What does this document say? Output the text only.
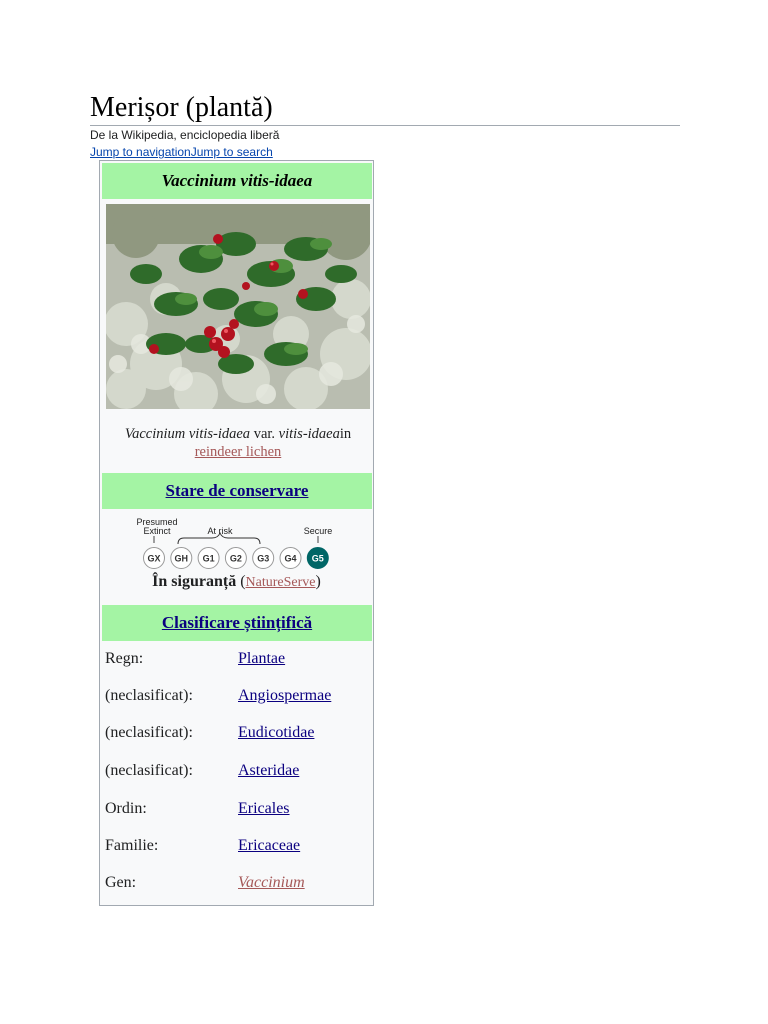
Merișor (plantă)
De la Wikipedia, enciclopedia liberă
Jump to navigationJump to search
Vaccinium vitis-idaea
Vaccinium vitis-idaea var. vitis-idaeain reindeer lichen
Stare de conservare
Presumed
Extinct	At risk	Secure
GX GH G1 G2 G3 G4 G5
În siguranță (NatureServe)
Clasificare științifică
Regn:	Plantae
(neclasificat):	Angiospermae
(neclasificat):	Eudicotidae
(neclasificat):	Asteridae
Ordin:	Ericales
Familie:	Ericaceae
Gen:	Vaccinium
